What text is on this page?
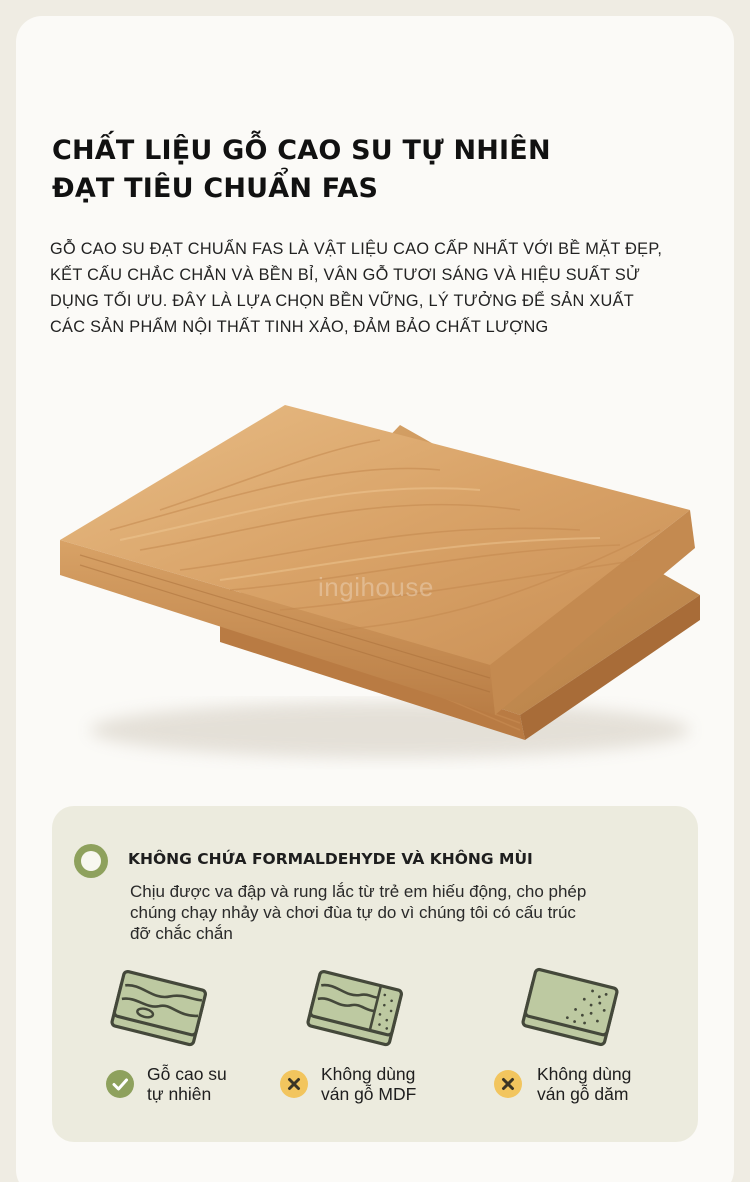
CHẤT LIỆU GỖ CAO SU TỰ NHIÊN
ĐẠT TIÊU CHUẨN FAS

GỖ CAO SU ĐẠT CHUẨN FAS LÀ VẬT LIỆU CAO CẤP NHẤT VỚI BỀ MẶT ĐẸP,
KẾT CẤU CHẮC CHẮN VÀ BỀN BỈ, VÂN GỖ TƯƠI SÁNG VÀ HIỆU SUẤT SỬ
DỤNG TỐI ƯU. ĐÂY LÀ LỰA CHỌN BỀN VỮNG, LÝ TƯỞNG ĐỂ SẢN XUẤT
CÁC SẢN PHẨM NỘI THẤT TINH XẢO, ĐẢM BẢO CHẤT LƯỢNG

ingihouse
KHÔNG CHỨA FORMALDEHYDE VÀ KHÔNG MÙI

Chịu được va đập và rung lắc từ trẻ em hiếu động, cho phép
chúng chạy nhảy và chơi đùa tự do vì chúng tôi có cấu trúc
đỡ chắc chắn

Gỗ cao su
tự nhiên
Không dùng
ván gỗ MDF
Không dùng
ván gỗ dăm
